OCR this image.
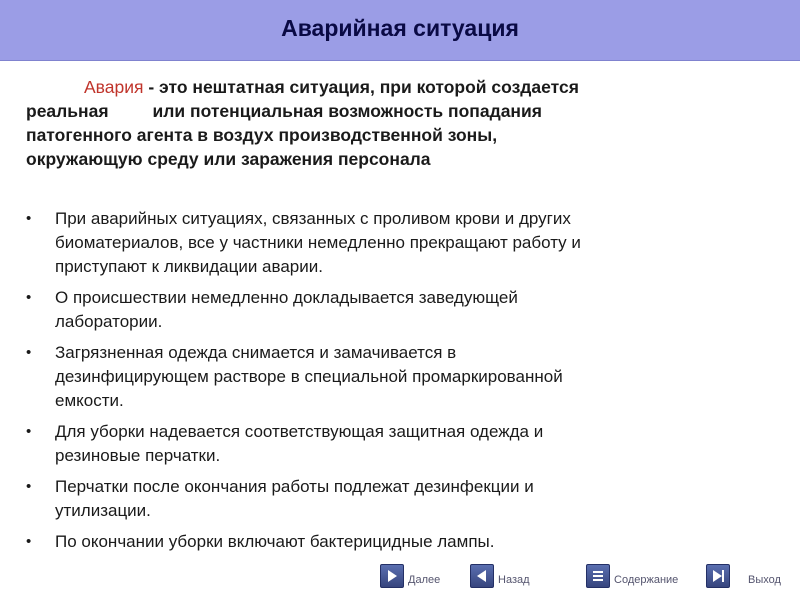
Аварийная ситуация
Авария - это нештатная ситуация, при которой создается
реальная	или потенциальная возможность попадания
патогенного агента в воздух производственной зоны,
окружающую среду или заражения персонала
• При аварийных ситуациях, связанных с проливом крови и других
биоматериалов, все у частники немедленно прекращают работу и
приступают к ликвидации аварии.
• О происшествии немедленно докладывается заведующей
лаборатории.
• Загрязненная одежда снимается и замачивается в
дезинфицирующем растворе в специальной промаркированной
емкости.
• Для уборки надевается соответствующая защитная одежда и
резиновые перчатки.
• Перчатки после окончания работы подлежат дезинфекции и
утилизации.
• По окончании уборки включают бактерицидные лампы.
Далее	Назад	Содержание	Выход
